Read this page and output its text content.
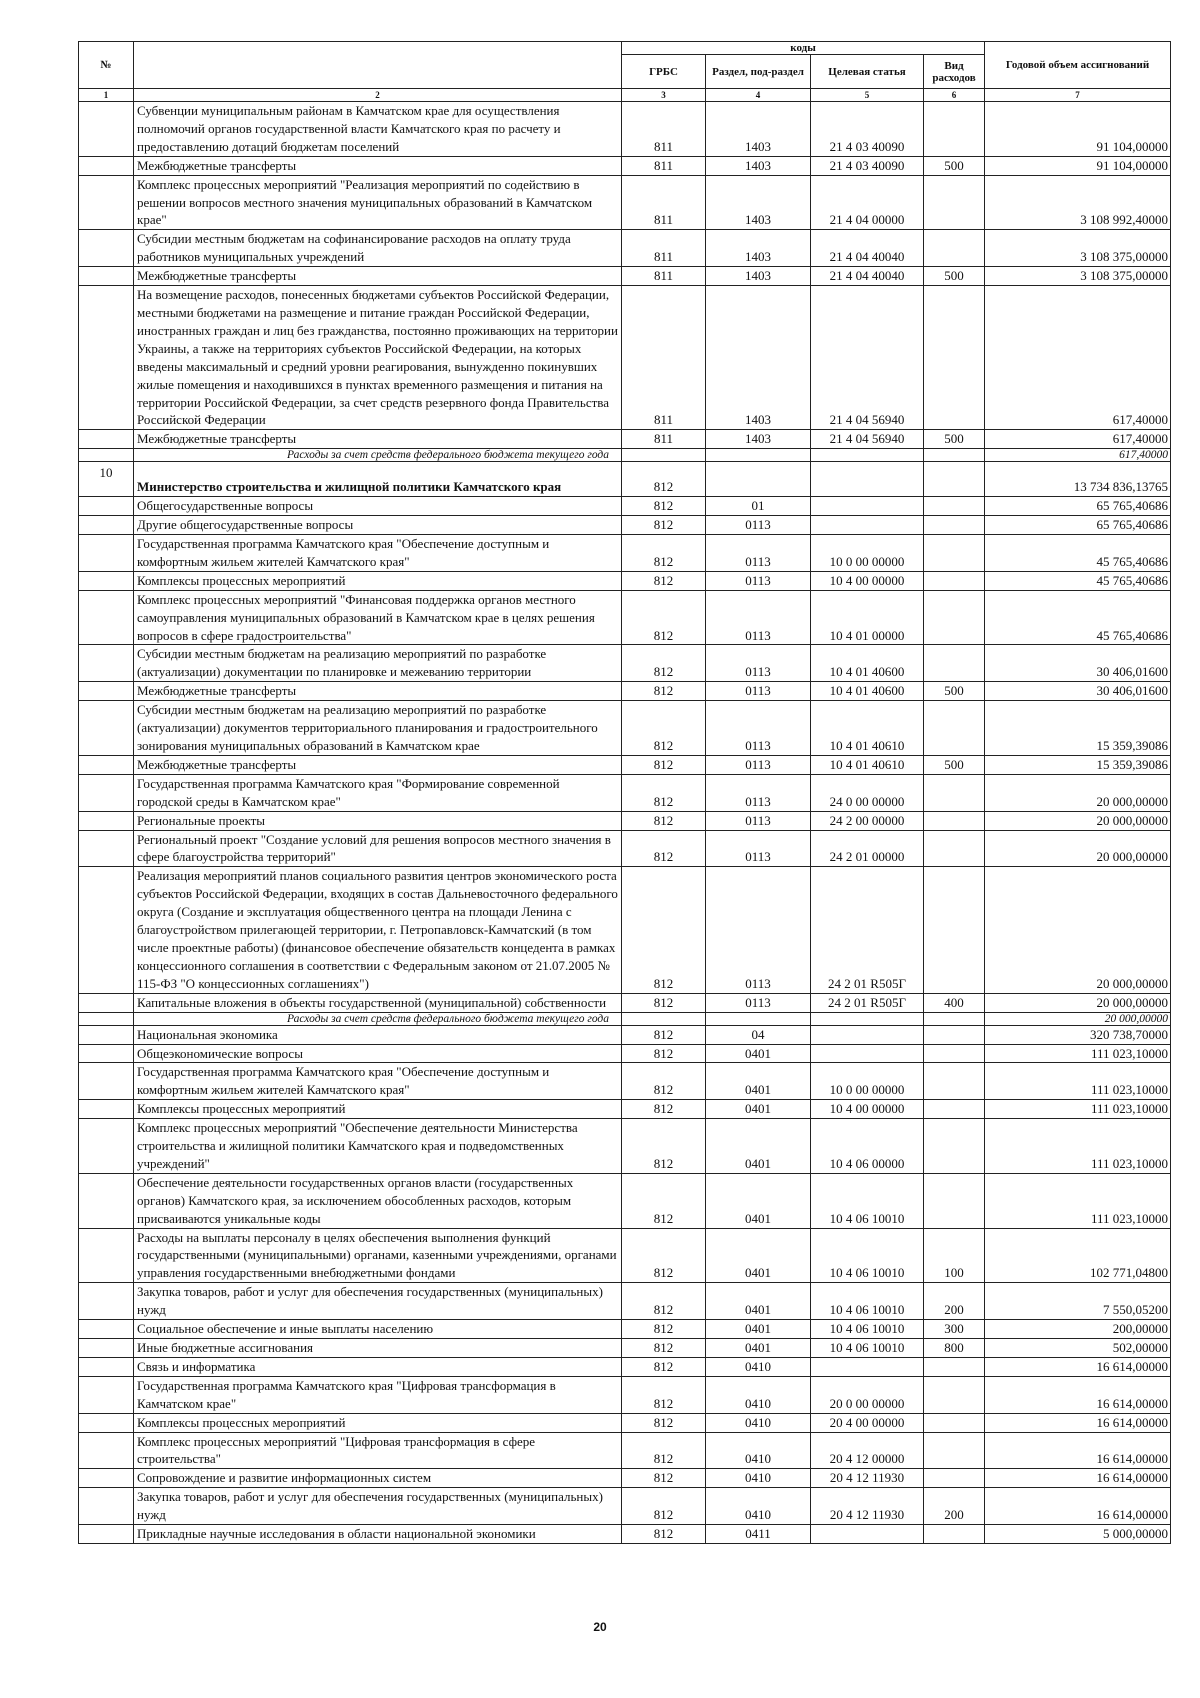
№		коды				Годовой объем ассигнований
		ГРБС	Раздел, под-раздел	Целевая статья	Вид расходов	
1	2	3	4	5	6	7
	Субвенции муниципальным районам в Камчатском крае для осуществления полномочий органов государственной власти Камчатского края по расчету и предоставлению дотаций бюджетам поселений	811	1403	21 4 03 40090		91 104,00000
	Межбюджетные трансферты	811	1403	21 4 03 40090	500	91 104,00000
	Комплекс процессных мероприятий "Реализация мероприятий по содействию в решении вопросов местного значения муниципальных образований в Камчатском крае"	811	1403	21 4 04 00000		3 108 992,40000
	Субсидии местным бюджетам на софинансирование расходов на оплату труда работников муниципальных учреждений	811	1403	21 4 04 40040		3 108 375,00000
	Межбюджетные трансферты	811	1403	21 4 04 40040	500	3 108 375,00000
	На возмещение расходов, понесенных бюджетами субъектов Российской Федерации, местными бюджетами на размещение и питание граждан Российской Федерации, иностранных граждан и лиц без гражданства, постоянно проживающих на территории Украины, а также на территориях субъектов Российской Федерации, на которых введены максимальный и средний уровни реагирования, вынужденно покинувших жилые помещения и находившихся в пунктах временного размещения и питания на территории Российской Федерации, за счет средств резервного фонда Правительства Российской Федерации	811	1403	21 4 04 56940		617,40000
	Межбюджетные трансферты	811	1403	21 4 04 56940	500	617,40000
	Расходы за счет средств федерального бюджета текущего года					617,40000
10	Министерство строительства и жилищной политики Камчатского края	812				13 734 836,13765
	Общегосударственные вопросы	812	01			65 765,40686
	Другие общегосударственные вопросы	812	0113			65 765,40686
	Государственная программа Камчатского края "Обеспечение доступным и комфортным жильем жителей Камчатского края"	812	0113	10 0 00 00000		45 765,40686
	Комплексы процессных мероприятий	812	0113	10 4 00 00000		45 765,40686
	Комплекс процессных мероприятий "Финансовая поддержка органов местного самоуправления муниципальных образований в Камчатском крае в целях решения вопросов в сфере градостроительства"	812	0113	10 4 01 00000		45 765,40686
	Субсидии местным бюджетам на реализацию мероприятий по разработке (актуализации) документации по планировке и межеванию территории	812	0113	10 4 01 40600		30 406,01600
	Межбюджетные трансферты	812	0113	10 4 01 40600	500	30 406,01600
	Субсидии местным бюджетам на реализацию мероприятий по разработке (актуализации) документов территориального планирования и градостроительного зонирования муниципальных образований в Камчатском крае	812	0113	10 4 01 40610		15 359,39086
	Межбюджетные трансферты	812	0113	10 4 01 40610	500	15 359,39086
	Государственная программа Камчатского края "Формирование современной городской среды в Камчатском крае"	812	0113	24 0 00 00000		20 000,00000
	Региональные проекты	812	0113	24 2 00 00000		20 000,00000
	Региональный проект "Создание условий для решения вопросов местного значения в сфере благоустройства территорий"	812	0113	24 2 01 00000		20 000,00000
	Реализация мероприятий планов социального развития центров экономического роста субъектов Российской Федерации, входящих в состав Дальневосточного федерального округа (Создание и эксплуатация общественного центра на площади Ленина с благоустройством прилегающей территории, г. Петропавловск-Камчатский (в том числе проектные работы) (финансовое обеспечение обязательств концедента в рамках концессионного соглашения в соответствии с Федеральным законом от 21.07.2005 № 115-ФЗ "О концессионных соглашениях")	812	0113	24 2 01 R505Г		20 000,00000
	Капитальные вложения в объекты государственной (муниципальной) собственности	812	0113	24 2 01 R505Г	400	20 000,00000
	Расходы за счет средств федерального бюджета текущего года					20 000,00000
	Национальная экономика	812	04			320 738,70000
	Общеэкономические вопросы	812	0401			111 023,10000
	Государственная программа Камчатского края "Обеспечение доступным и комфортным жильем жителей Камчатского края"	812	0401	10 0 00 00000		111 023,10000
	Комплексы процессных мероприятий	812	0401	10 4 00 00000		111 023,10000
	Комплекс процессных мероприятий "Обеспечение деятельности Министерства строительства и жилищной политики Камчатского края и подведомственных учреждений"	812	0401	10 4 06 00000		111 023,10000
	Обеспечение деятельности государственных органов власти (государственных органов) Камчатского края, за исключением обособленных расходов, которым присваиваются уникальные коды	812	0401	10 4 06 10010		111 023,10000
	Расходы на выплаты персоналу в целях обеспечения выполнения функций государственными (муниципальными) органами, казенными учреждениями, органами управления государственными внебюджетными фондами	812	0401	10 4 06 10010	100	102 771,04800
	Закупка товаров, работ и услуг для обеспечения государственных (муниципальных) нужд	812	0401	10 4 06 10010	200	7 550,05200
	Социальное обеспечение и иные выплаты населению	812	0401	10 4 06 10010	300	200,00000
	Иные бюджетные ассигнования	812	0401	10 4 06 10010	800	502,00000
	Связь и информатика	812	0410			16 614,00000
	Государственная программа Камчатского края "Цифровая трансформация в Камчатском крае"	812	0410	20 0 00 00000		16 614,00000
	Комплексы процессных мероприятий	812	0410	20 4 00 00000		16 614,00000
	Комплекс процессных мероприятий "Цифровая трансформация в сфере строительства"	812	0410	20 4 12 00000		16 614,00000
	Сопровождение и развитие информационных систем	812	0410	20 4 12 11930		16 614,00000
	Закупка товаров, работ и услуг для обеспечения государственных (муниципальных) нужд	812	0410	20 4 12 11930	200	16 614,00000
	Прикладные научные исследования в области национальной экономики	812	0411			5 000,00000
20
